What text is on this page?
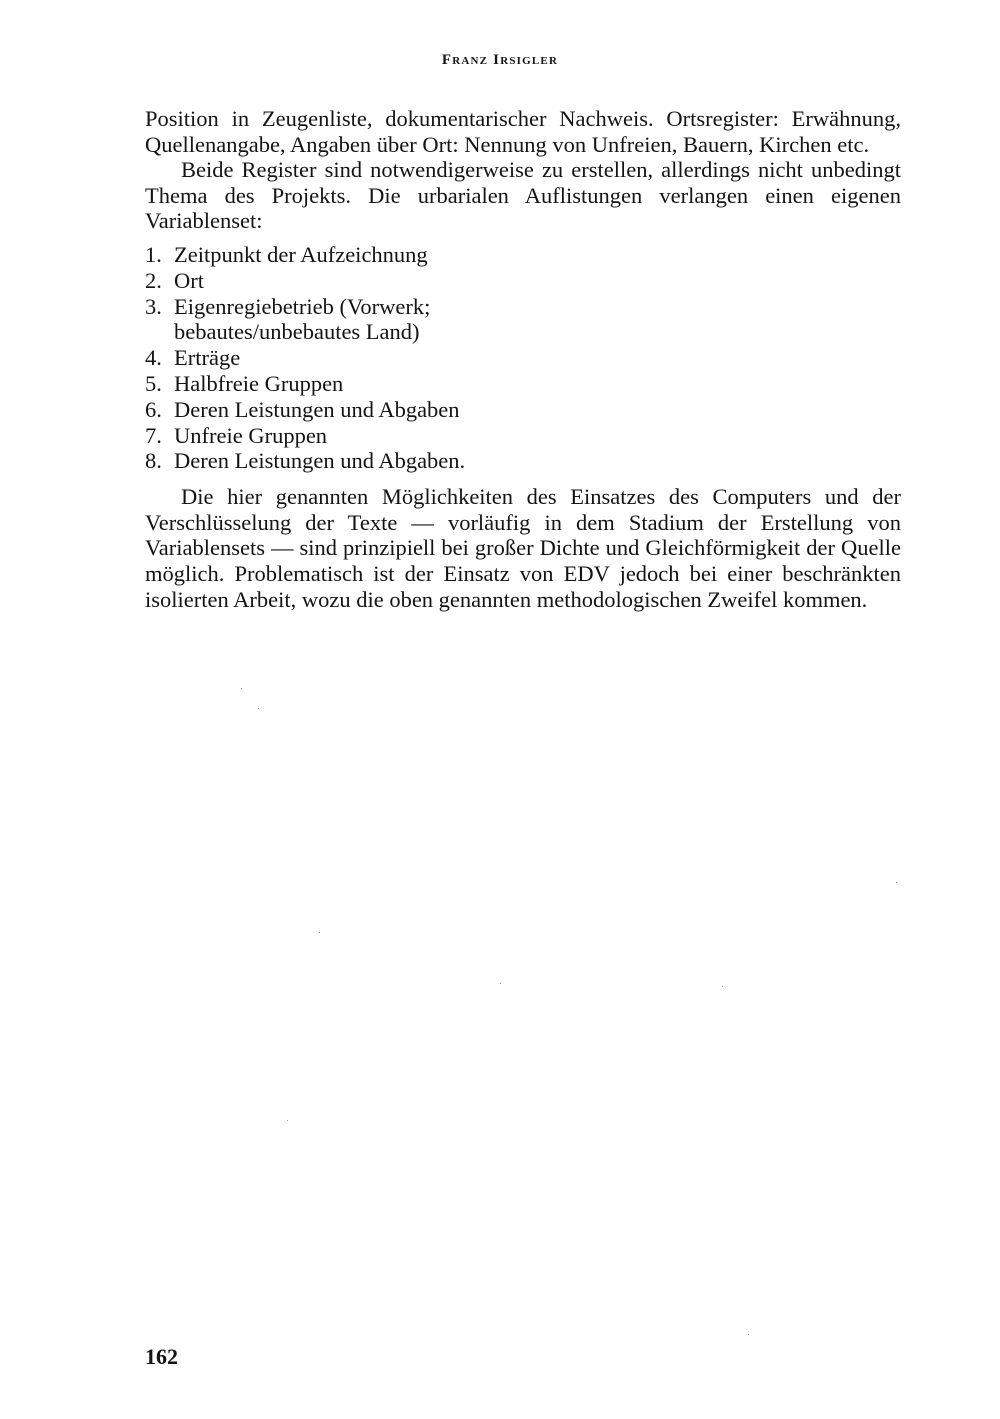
Franz Irsigler

Position in Zeugenliste, dokumentarischer Nachweis. Ortsregister: Erwähnung, Quellenangabe, Angaben über Ort: Nennung von Unfreien, Bauern, Kirchen etc.

Beide Register sind notwendigerweise zu erstellen, allerdings nicht unbedingt Thema des Projekts. Die urbarialen Auflistungen verlangen einen eigenen Variablenset:

1. Zeitpunkt der Aufzeichnung
2. Ort
3. Eigenregiebetrieb (Vorwerk; bebautes/unbebautes Land)
4. Erträge
5. Halbfreie Gruppen
6. Deren Leistungen und Abgaben
7. Unfreie Gruppen
8. Deren Leistungen und Abgaben.

Die hier genannten Möglichkeiten des Einsatzes des Computers und der Verschlüsselung der Texte — vorläufig in dem Stadium der Erstellung von Variablensets — sind prinzipiell bei großer Dichte und Gleichförmigkeit der Quelle möglich. Problematisch ist der Einsatz von EDV jedoch bei einer beschränkten isolierten Arbeit, wozu die oben genannten methodologischen Zweifel kommen.

162
